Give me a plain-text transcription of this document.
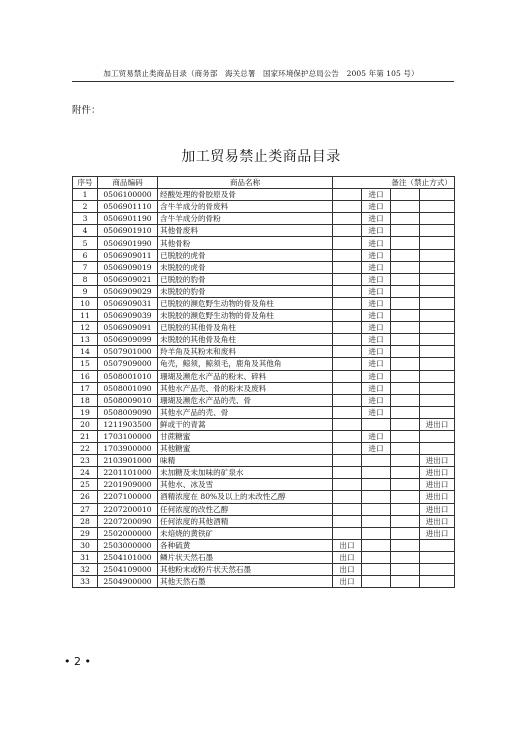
加工贸易禁止类商品目录（商务部　海关总署　国家环境保护总局公告　2005 年第 105 号）
附件：
加工贸易禁止类商品目录
序号	商品编码	商品名称	备注（禁止方式）			
1	0506100000	经酸处理的骨胶原及骨		进口		
2	0506901110	含牛羊成分的骨废料		进口		
3	0506901190	含牛羊成分的骨粉		进口		
4	0506901910	其他骨废料		进口		
5	0506901990	其他骨粉		进口		
6	0506909011	已脱胶的虎骨		进口		
7	0506909019	未脱胶的虎骨		进口		
8	0506909021	已脱胶的豹骨		进口		
9	0506909029	未脱胶的豹骨		进口		
10	0506909031	已脱胶的濒危野生动物的骨及角柱		进口		
11	0506909039	未脱胶的濒危野生动物的骨及角柱		进口		
12	0506909091	已脱胶的其他骨及角柱		进口		
13	0506909099	未脱胶的其他骨及角柱		进口		
14	0507901000	羚羊角及其粉末和废料		进口		
15	0507909000	龟壳，鲸须，鲸须毛，鹿角及其他角		进口		
16	0508001010	珊瑚及濒危水产品的粉末、碎料		进口		
17	0508001090	其他水产品壳、骨的粉末及废料		进口		
18	0508009010	珊瑚及濒危水产品的壳、骨		进口		
19	0508009090	其他水产品的壳、骨		进口		
20	1211903500	鲜或干的青蒿				进出口
21	1703100000	甘蔗糖蜜		进口		
22	1703900000	其他糖蜜		进口		
23	2103901000	味精				进出口
24	2201101000	未加糖及未加味的矿泉水				进出口
25	2201909000	其他水、冰及雪				进出口
26	2207100000	酒精浓度在 80%及以上的未改性乙醇				进出口
27	2207200010	任何浓度的改性乙醇				进出口
28	2207200090	任何浓度的其他酒精				进出口
29	2502000000	未焙烧的黄铁矿				进出口
30	2503000000	各种硫黄	出口			
31	2504101000	鳞片状天然石墨	出口			
32	2504109000	其他粉末或粉片状天然石墨	出口			
33	2504900000	其他天然石墨	出口			
• 2 •
